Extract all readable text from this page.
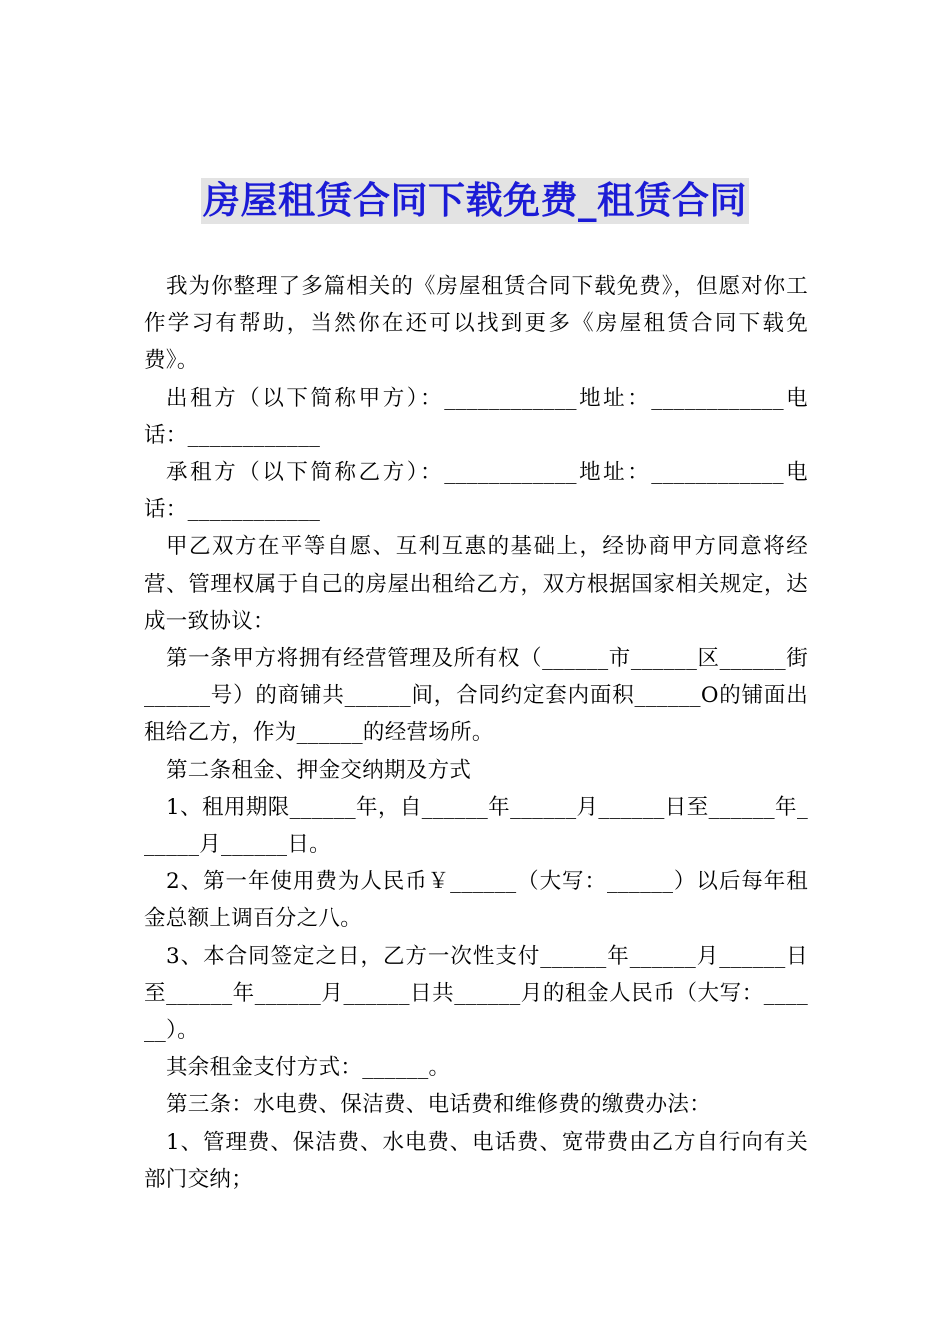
房屋租赁合同下载免费_租赁合同

我为你整理了多篇相关的《房屋租赁合同下载免费》，但愿对你工作学习有帮助，当然你在还可以找到更多《房屋租赁合同下载免费》。

出租方（以下简称甲方）：____________地址：____________电话：____________

承租方（以下简称乙方）：____________地址：____________电话：____________

甲乙双方在平等自愿、互利互惠的基础上，经协商甲方同意将经营、管理权属于自己的房屋出租给乙方，双方根据国家相关规定，达成一致协议：

第一条甲方将拥有经营管理及所有权（______市______区______街______号）的商铺共______间，合同约定套内面积______O的铺面出租给乙方，作为______的经营场所。

第二条租金、押金交纳期及方式

1、租用期限______年，自______年______月______日至______年______月______日。

2、第一年使用费为人民币￥______（大写：______）以后每年租金总额上调百分之八。

3、本合同签定之日，乙方一次性支付______年______月______日至______年______月______日共______月的租金人民币（大写：______）。

其余租金支付方式：______。

第三条：水电费、保洁费、电话费和维修费的缴费办法：

1、管理费、保洁费、水电费、电话费、宽带费由乙方自行向有关部门交纳；
